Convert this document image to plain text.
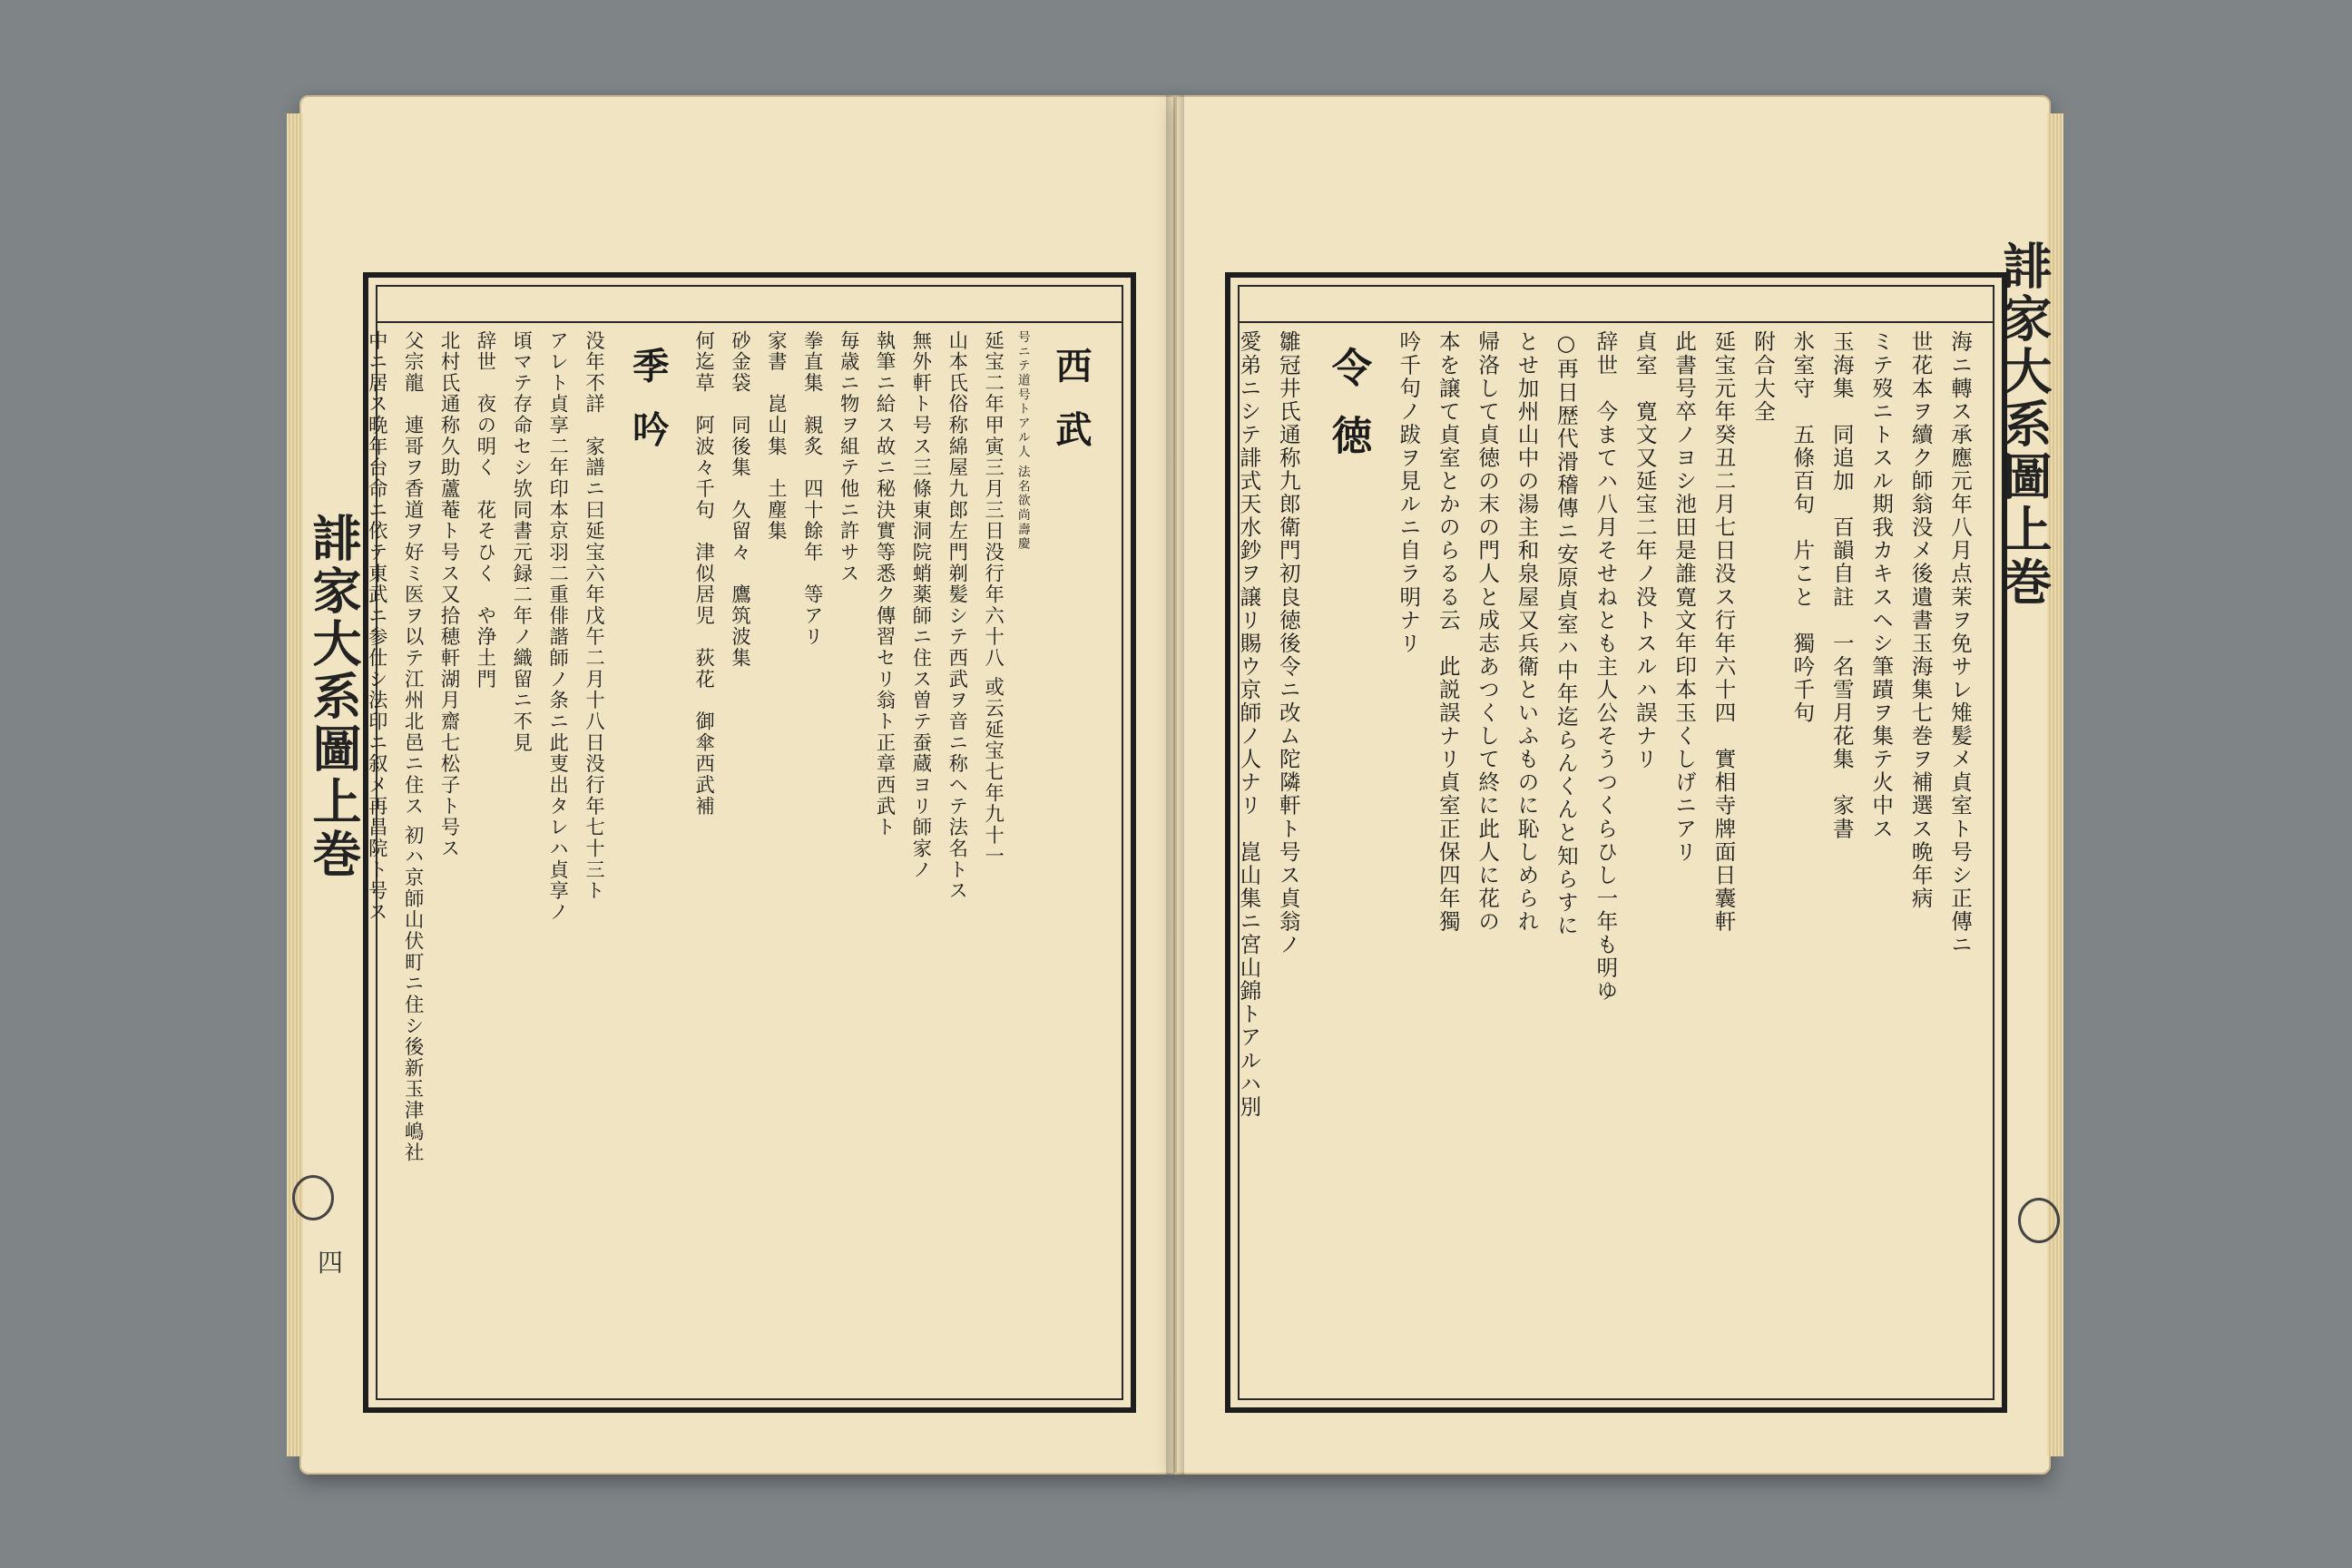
誹家大系圖上巻
四
西武
号ニテ道号トアル人 法名欲尚壽慶
延宝二年甲寅三月三日没行年六十八 或云延宝七年九十一
山本氏俗称綿屋九郎左門剃髪シテ西武ヲ音ニ称ヘテ法名トス
無外軒ト号ス三條東洞院蛸薬師ニ住ス曽テ蚕蔵ヨリ師家ノ
執筆ニ給ス故ニ秘決實等悉ク傳習セリ翁ト正章西武ト
毎歳ニ物ヲ組テ他ニ許サス
拳直集　親炙　四十餘年　等アリ
家書　崑山集　土塵集
砂金袋　同後集　久留々　鷹筑波集
何迄草　阿波々千句　津似居児　荻花　御傘西武補
季吟
没年不詳　家譜ニ曰延宝六年戊午二月十八日没行年七十三ト
アレト貞享二年印本京羽二重俳諧師ノ条ニ此叓出タレハ貞享ノ
頃マテ存命セシ欤同書元録二年ノ織留ニ不見
辞世　夜の明く　花そひく　や浄土門
北村氏通称久助蘆菴ト号ス又拾穂軒湖月齋七松子ト号ス
父宗龍　連哥ヲ香道ヲ好ミ医ヲ以テ江州北邑ニ住ス 初ハ京師山伏町ニ住シ後新玉津嶋社
中ニ居ス晩年台命ニ依テ東武ニ参仕シ法印ニ叙メ再昌院ト号ス	誹家大系圖上巻
海ニ轉ス承應元年八月点茉ヲ免サレ雉髪メ貞室ト号シ正傳ニ
世花本ヲ續ク師翁没メ後遺書玉海集七巻ヲ補選ス晩年病
ミテ歿ニトスル期我カキスヘシ筆蹟ヲ集テ火中ス
玉海集　同追加　百韻自註　一名雪月花集　家書
氷室守　五條百句　片こと　獨吟千句
附合大全
延宝元年癸丑二月七日没ス行年六十四　實相寺牌面日囊軒
此書号卒ノヨシ池田是誰寛文年印本玉くしげニアリ
貞室　寛文又延宝二年ノ没トスルハ誤ナリ
辞世　今まてハ八月そせねとも主人公そうつくらひし一年も明ゆ
○再日歴代滑稽傳ニ安原貞室ハ中年迄らんくんと知らすに
とせ加州山中の湯主和泉屋又兵衛といふものに恥しめられ
帰洛して貞徳の末の門人と成志あつくして終に此人に花の
本を譲て貞室とかのらるる云　此説誤ナリ貞室正保四年獨
吟千句ノ跋ヲ見ルニ自ラ明ナリ
令徳
雛冠井氏通称九郎衛門初良徳後令ニ改ム陀隣軒ト号ス貞翁ノ
愛弟ニシテ誹式天水鈔ヲ譲リ賜ウ京師ノ人ナリ　崑山集ニ宮山錦トアルハ別
